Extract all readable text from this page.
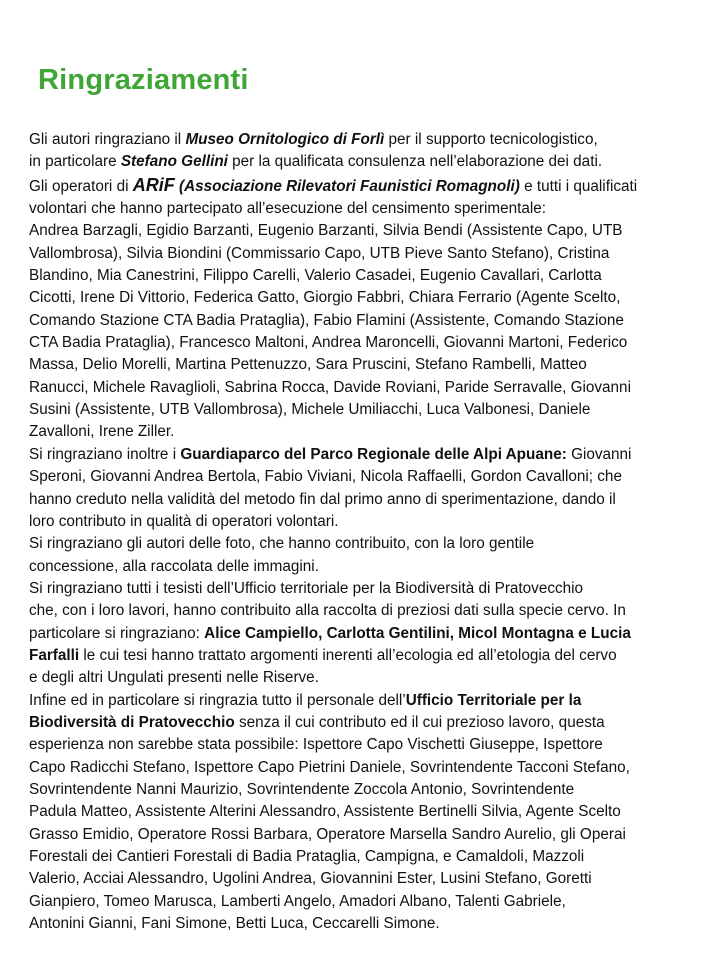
Ringraziamenti
Gli autori ringraziano il Museo Ornitologico di Forlì per il supporto tecnicologistico,
in particolare Stefano Gellini per la qualificata consulenza nell’elaborazione dei dati.
Gli operatori di ARiF (Associazione Rilevatori Faunistici Romagnoli) e tutti i qualificati
volontari che hanno partecipato all’esecuzione del censimento sperimentale:
Andrea Barzagli, Egidio Barzanti, Eugenio Barzanti, Silvia Bendi (Assistente Capo, UTB
Vallombrosa), Silvia Biondini (Commissario Capo, UTB Pieve Santo Stefano), Cristina
Blandino, Mia Canestrini, Filippo Carelli, Valerio Casadei, Eugenio Cavallari, Carlotta
Cicotti, Irene Di Vittorio, Federica Gatto, Giorgio Fabbri, Chiara Ferrario (Agente Scelto,
Comando Stazione CTA Badia Prataglia), Fabio Flamini (Assistente, Comando Stazione
CTA Badia Prataglia), Francesco Maltoni, Andrea Maroncelli, Giovanni Martoni, Federico
Massa, Delio Morelli, Martina Pettenuzzo, Sara Pruscini, Stefano Rambelli, Matteo
Ranucci, Michele Ravaglioli, Sabrina Rocca, Davide Roviani, Paride Serravalle, Giovanni
Susini (Assistente, UTB Vallombrosa), Michele Umiliacchi, Luca Valbonesi, Daniele
Zavalloni, Irene Ziller.
Si ringraziano inoltre i Guardiaparco del Parco Regionale delle Alpi Apuane: Giovanni
Speroni, Giovanni Andrea Bertola, Fabio Viviani, Nicola Raffaelli, Gordon Cavalloni; che
hanno creduto nella validità del metodo fin dal primo anno di sperimentazione, dando il
loro contributo in qualità di operatori volontari.
Si ringraziano gli autori delle foto, che hanno contribuito, con la loro gentile
concessione, alla raccolata delle immagini.
Si ringraziano tutti i tesisti dell’Ufficio territoriale per la Biodiversità di Pratovecchio
che, con i loro lavori, hanno contribuito alla raccolta di preziosi dati sulla specie cervo. In
particolare si ringraziano: Alice Campiello, Carlotta Gentilini, Micol Montagna e Lucia
Farfalli le cui tesi hanno trattato argomenti inerenti all’ecologia ed all’etologia del cervo
e degli altri Ungulati presenti nelle Riserve.
Infine ed in particolare si ringrazia tutto il personale dell’Ufficio Territoriale per la
Biodiversità di Pratovecchio senza il cui contributo ed il cui prezioso lavoro, questa
esperienza non sarebbe stata possibile: Ispettore Capo Vischetti Giuseppe, Ispettore
Capo Radicchi Stefano, Ispettore Capo Pietrini Daniele, Sovrintendente Tacconi Stefano,
Sovrintendente Nanni Maurizio, Sovrintendente Zoccola Antonio, Sovrintendente
Padula Matteo, Assistente Alterini Alessandro, Assistente Bertinelli Silvia, Agente Scelto
Grasso Emidio, Operatore Rossi Barbara, Operatore Marsella Sandro Aurelio, gli Operai
Forestali dei Cantieri Forestali di Badia Prataglia, Campigna, e Camaldoli, Mazzoli
Valerio, Acciai Alessandro, Ugolini Andrea, Giovannini Ester, Lusini Stefano, Goretti
Gianpiero, Tomeo Marusca, Lamberti Angelo, Amadori Albano, Talenti Gabriele,
Antonini Gianni, Fani Simone, Betti Luca, Ceccarelli Simone.
